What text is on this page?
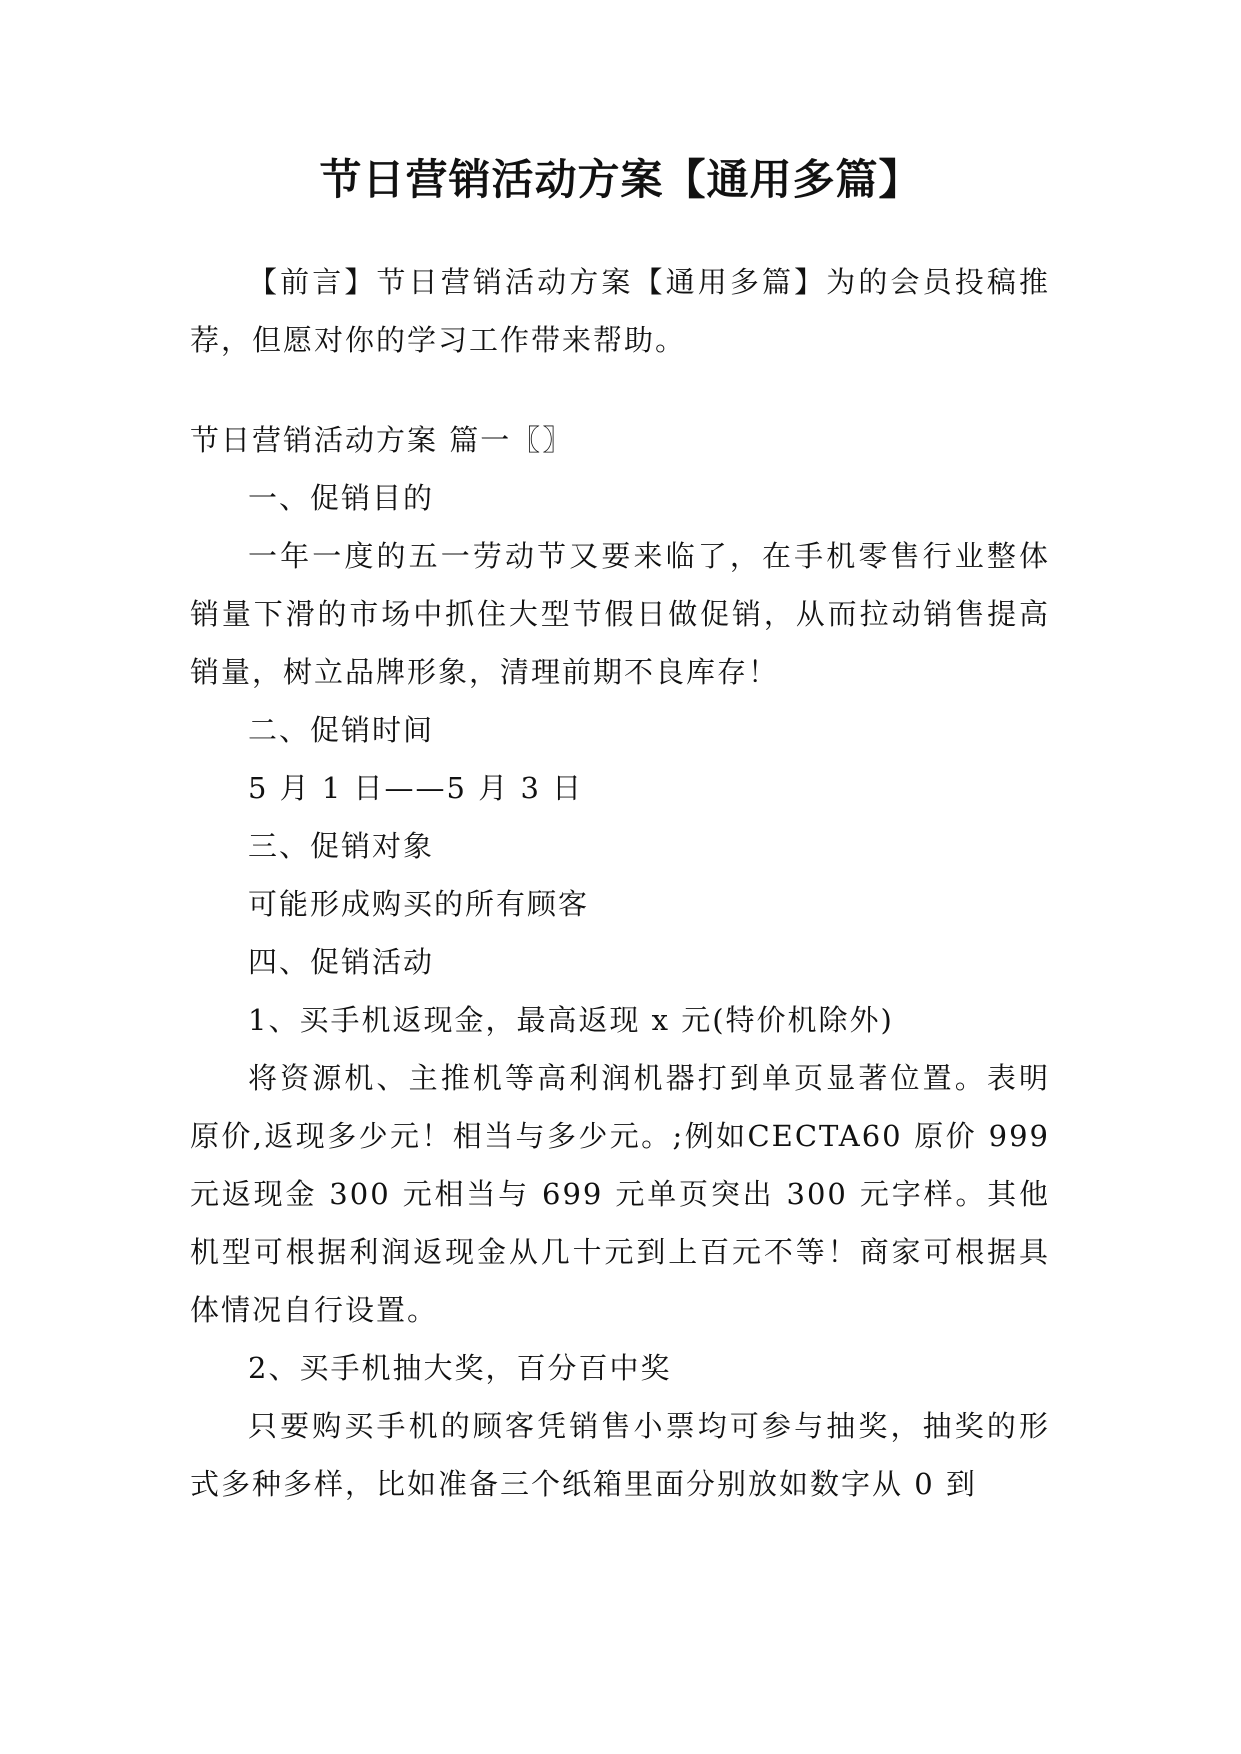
节日营销活动方案【通用多篇】

【前言】节日营销活动方案【通用多篇】为的会员投稿推荐，但愿对你的学习工作带来帮助。

节日营销活动方案 篇一〖〗

一、促销目的

一年一度的五一劳动节又要来临了，在手机零售行业整体销量下滑的市场中抓住大型节假日做促销，从而拉动销售提高销量，树立品牌形象，清理前期不良库存！

二、促销时间

5 月 1 日——5 月 3 日

三、促销对象

可能形成购买的所有顾客

四、促销活动

1、买手机返现金，最高返现 x 元(特价机除外)

将资源机、主推机等高利润机器打到单页显著位置。表明原价,返现多少元！相当与多少元。;例如CECTA60 原价 999 元返现金 300 元相当与 699 元单页突出 300 元字样。其他机型可根据利润返现金从几十元到上百元不等！商家可根据具体情况自行设置。

2、买手机抽大奖，百分百中奖

只要购买手机的顾客凭销售小票均可参与抽奖，抽奖的形式多种多样，比如准备三个纸箱里面分别放如数字从 0 到
